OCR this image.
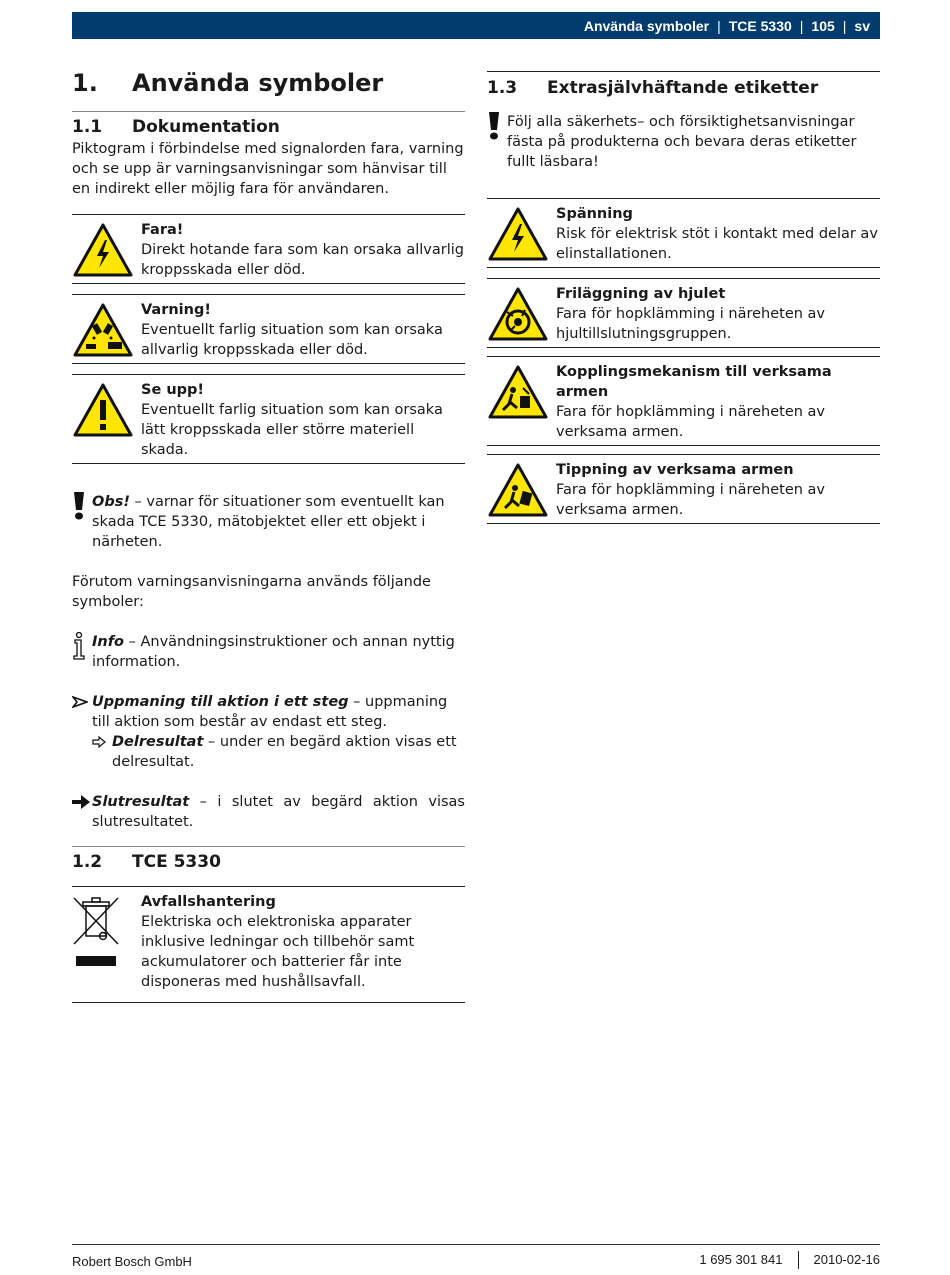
Använda symboler | TCE 5330 | 105 | sv
1.	Använda symboler
1.1	Dokumentation

Piktogram i förbindelse med signalorden fara, varning och se upp är varningsanvisningar som hänvisar till en indirekt eller möjlig fara för användaren.

Fara!
Direkt hotande fara som kan orsaka allvarlig kroppsskada eller död.
Varning!
Eventuellt farlig situation som kan orsaka allvarlig kroppsskada eller död.
Se upp!
Eventuellt farlig situation som kan orsaka lätt kroppsskada eller större materiell skada.
Obs! – varnar för situationer som eventuellt kan skada TCE 5330, mätobjektet eller ett objekt i närheten.

Förutom varningsanvisningarna används följande symboler:

Info – Användningsinstruktioner och annan nyttig information.
Uppmaning till aktion i ett steg – uppmaning till aktion som består av endast ett steg.
Delresultat – under en begärd aktion visas ett delresultat.
Slutresultat – i slutet av begärd aktion visas slutresultatet.
1.2	TCE 5330
Avfallshantering
Elektriska och elektroniska apparater inklusive ledningar och tillbehör samt ackumulatorer och batterier får inte disponeras med hushållsavfall.
1.3	Extrasjälvhäftande etiketter
Följ alla säkerhets– och försiktighetsanvisningar fästa på produkterna och bevara deras etiketter fullt läsbara!
Spänning
Risk för elektrisk stöt i kontakt med delar av elinstallationen.
Friläggning av hjulet
Fara för hopklämming i näreheten av hjultillslutningsgruppen.
Kopplingsmekanism till verksama armen
Fara för hopklämming i näreheten av verksama armen.
Tippning av verksama armen
Fara för hopklämming i näreheten av verksama armen.
Robert Bosch GmbH	1 695 301 841 2010-02-16
